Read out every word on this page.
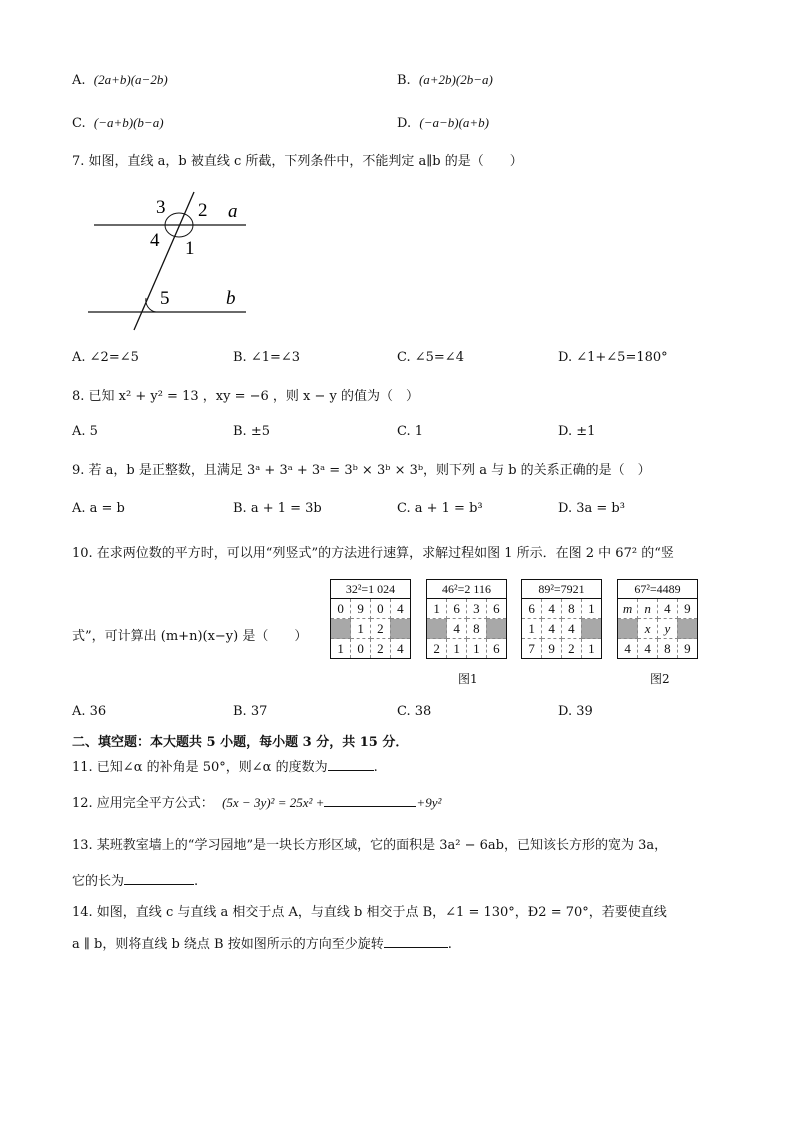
A. (2a+b)(a−2b)	B. (a+2b)(2b−a)
C. (−a+b)(b−a)	D. (−a−b)(a+b)
7. 如图，直线 a，b 被直线 c 所截，下列条件中，不能判定 a∥b 的是（　　）
3 2
4 1
5
a
b
A. ∠2=∠5	B. ∠1=∠3	C. ∠5=∠4	D. ∠1+∠5=180°
8. 已知 x² + y² = 13 ，xy = −6 ，则 x − y 的值为（　）
A. 5	B. ±5	C. 1	D. ±1
9. 若 a，b 是正整数，且满足 3ᵃ + 3ᵃ + 3ᵃ = 3ᵇ × 3ᵇ × 3ᵇ，则下列 a 与 b 的关系正确的是（　）
A. a = b	B. a + 1 = 3b	C. a + 1 = b³	D. 3a = b³
10. 在求两位数的平方时，可以用“列竖式”的方法进行速算，求解过程如图 1 所示．在图 2 中 67² 的“竖
式”，可计算出 (m+n)(x−y) 是（　　）
32²=1 024
0	9	0	4
	1	2	
1	0	2	4
46²=2 116
1	6	3	6
	4	8	
2	1	1	6
89²=7921
6	4	8	1
1	4	4	
7	9	2	1
67²=4489
m	n	4	9
	x	y	
4	4	8	9
图1	图2
A. 36	B. 37	C. 38	D. 39
二、填空题：本大题共 5 小题，每小题 3 分，共 15 分．
11. 已知∠α 的补角是 50°，则∠α 的度数为	.
12. 应用完全平方公式： (5x − 3y)² = 25x² +	+9y²
13. 某班教室墙上的“学习园地”是一块长方形区域，它的面积是 3a² − 6ab，已知该长方形的宽为 3a，
它的长为	.
14. 如图，直线 c 与直线 a 相交于点 A，与直线 b 相交于点 B，∠1 = 130°，Ð2 = 70°，若要使直线
a ∥ b，则将直线 b 绕点 B 按如图所示的方向至少旋转	.
